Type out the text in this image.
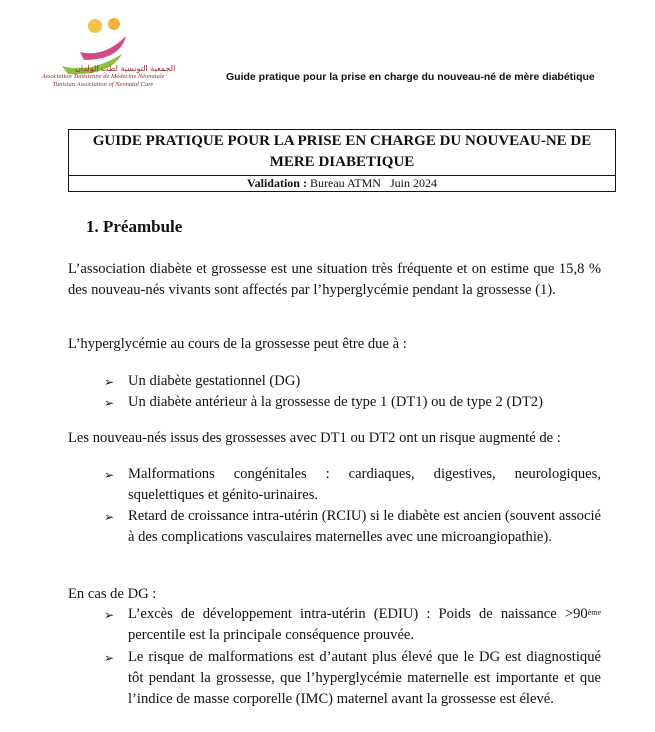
الجمعية التونسية لطب الولدان
Association Tunisienne de Médecine Néonatale
Tunisian Association of Neonatal Care
Guide pratique pour la prise en charge du nouveau-né de mère diabétique
GUIDE PRATIQUE POUR LA PRISE EN CHARGE DU NOUVEAU-NE DE
MERE DIABETIQUE
Validation : Bureau ATMN   Juin 2024
1. Préambule
L’association diabète et grossesse est une situation très fréquente et on estime que 15,8 % des nouveau-nés vivants sont affectés par l’hyperglycémie pendant la grossesse (1).
L’hyperglycémie au cours de la grossesse peut être due à :
➢ Un diabète gestationnel (DG)
➢ Un diabète antérieur à la grossesse de type 1 (DT1) ou de type 2 (DT2)
Les nouveau-nés issus des grossesses avec DT1 ou DT2 ont un risque augmenté de :
➢ Malformations congénitales : cardiaques, digestives, neurologiques, squelettiques et génito-urinaires.
➢ Retard de croissance intra-utérin (RCIU) si le diabète est ancien (souvent associé à des complications vasculaires maternelles avec une microangiopathie).
En cas de DG :
➢ L’excès de développement intra-utérin (EDIU) : Poids de naissance >90ème percentile est la principale conséquence prouvée.
➢ Le risque de malformations est d’autant plus élevé que le DG est diagnostiqué tôt pendant la grossesse, que l’hyperglycémie maternelle est importante et que l’indice de masse corporelle (IMC) maternel avant la grossesse est élevé.
